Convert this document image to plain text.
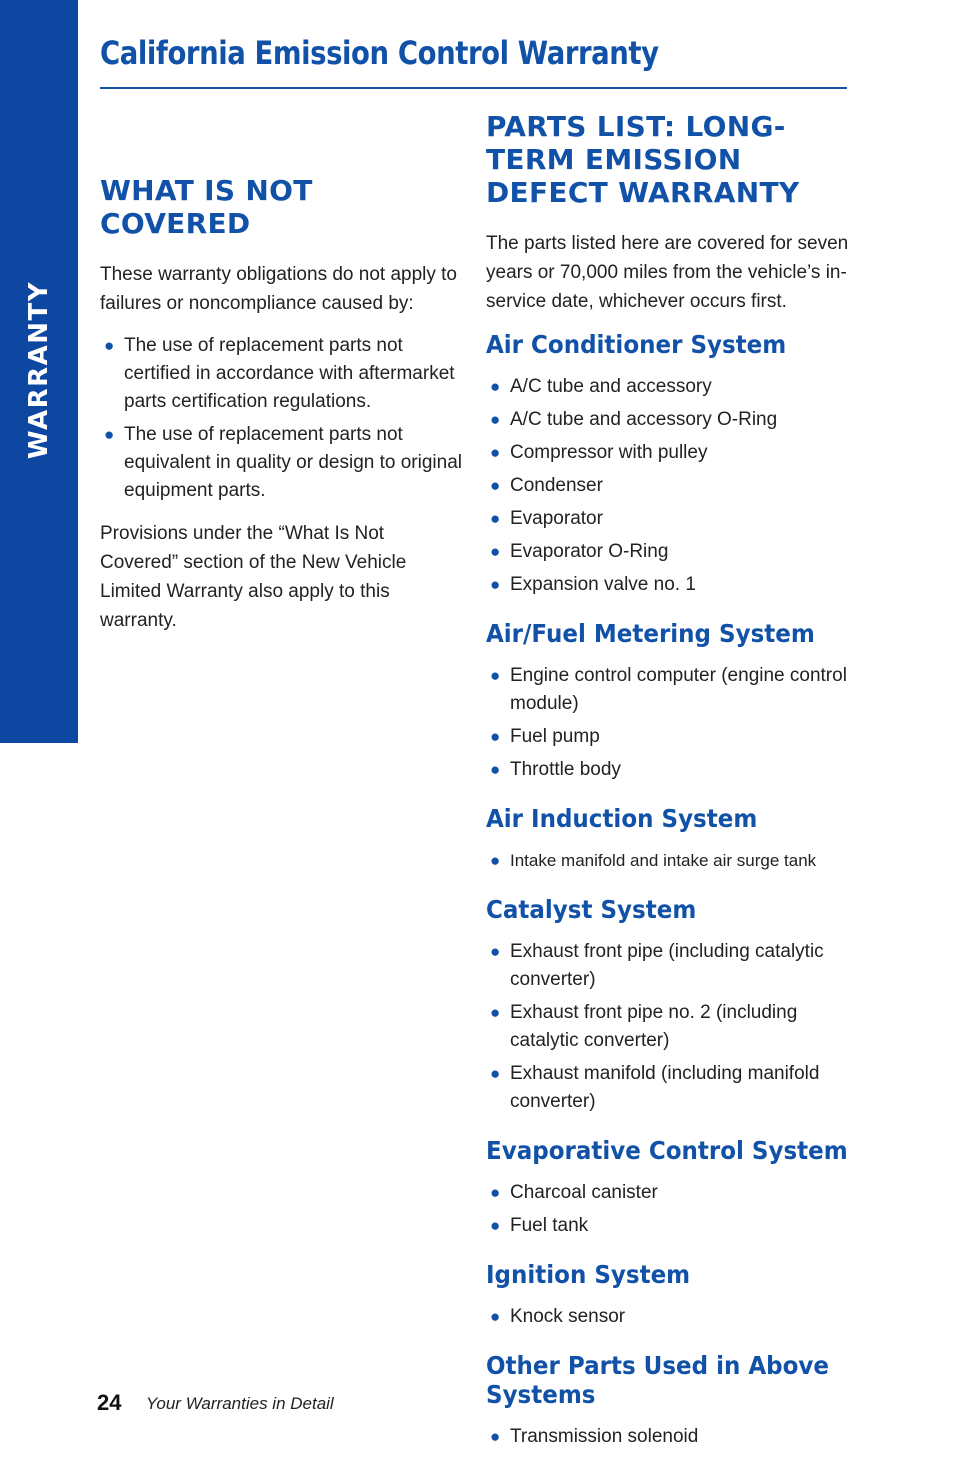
WARRANTY
California Emission Control Warranty
WHAT IS NOT COVERED

These warranty obligations do not apply to failures or noncompliance caused by:

● The use of replacement parts not certified in accordance with aftermarket parts certification regulations.
● The use of replacement parts not equivalent in quality or design to original equipment parts.

Provisions under the “What Is Not Covered” section of the New Vehicle Limited Warranty also apply to this warranty.

PARTS LIST: LONG-TERM EMISSION DEFECT WARRANTY

The parts listed here are covered for seven years or 70,000 miles from the vehicle’s in-service date, whichever occurs first.

Air Conditioner System
● A/C tube and accessory
● A/C tube and accessory O-Ring
● Compressor with pulley
● Condenser
● Evaporator
● Evaporator O-Ring
● Expansion valve no. 1
Air/Fuel Metering System
● Engine control computer (engine control module)
● Fuel pump
● Throttle body
Air Induction System
● Intake manifold and intake air surge tank
Catalyst System
● Exhaust front pipe (including catalytic converter)
● Exhaust front pipe no. 2 (including catalytic converter)
● Exhaust manifold (including manifold converter)
Evaporative Control System
● Charcoal canister
● Fuel tank
Ignition System
● Knock sensor
Other Parts Used in Above Systems
● Transmission solenoid
24 Your Warranties in Detail
